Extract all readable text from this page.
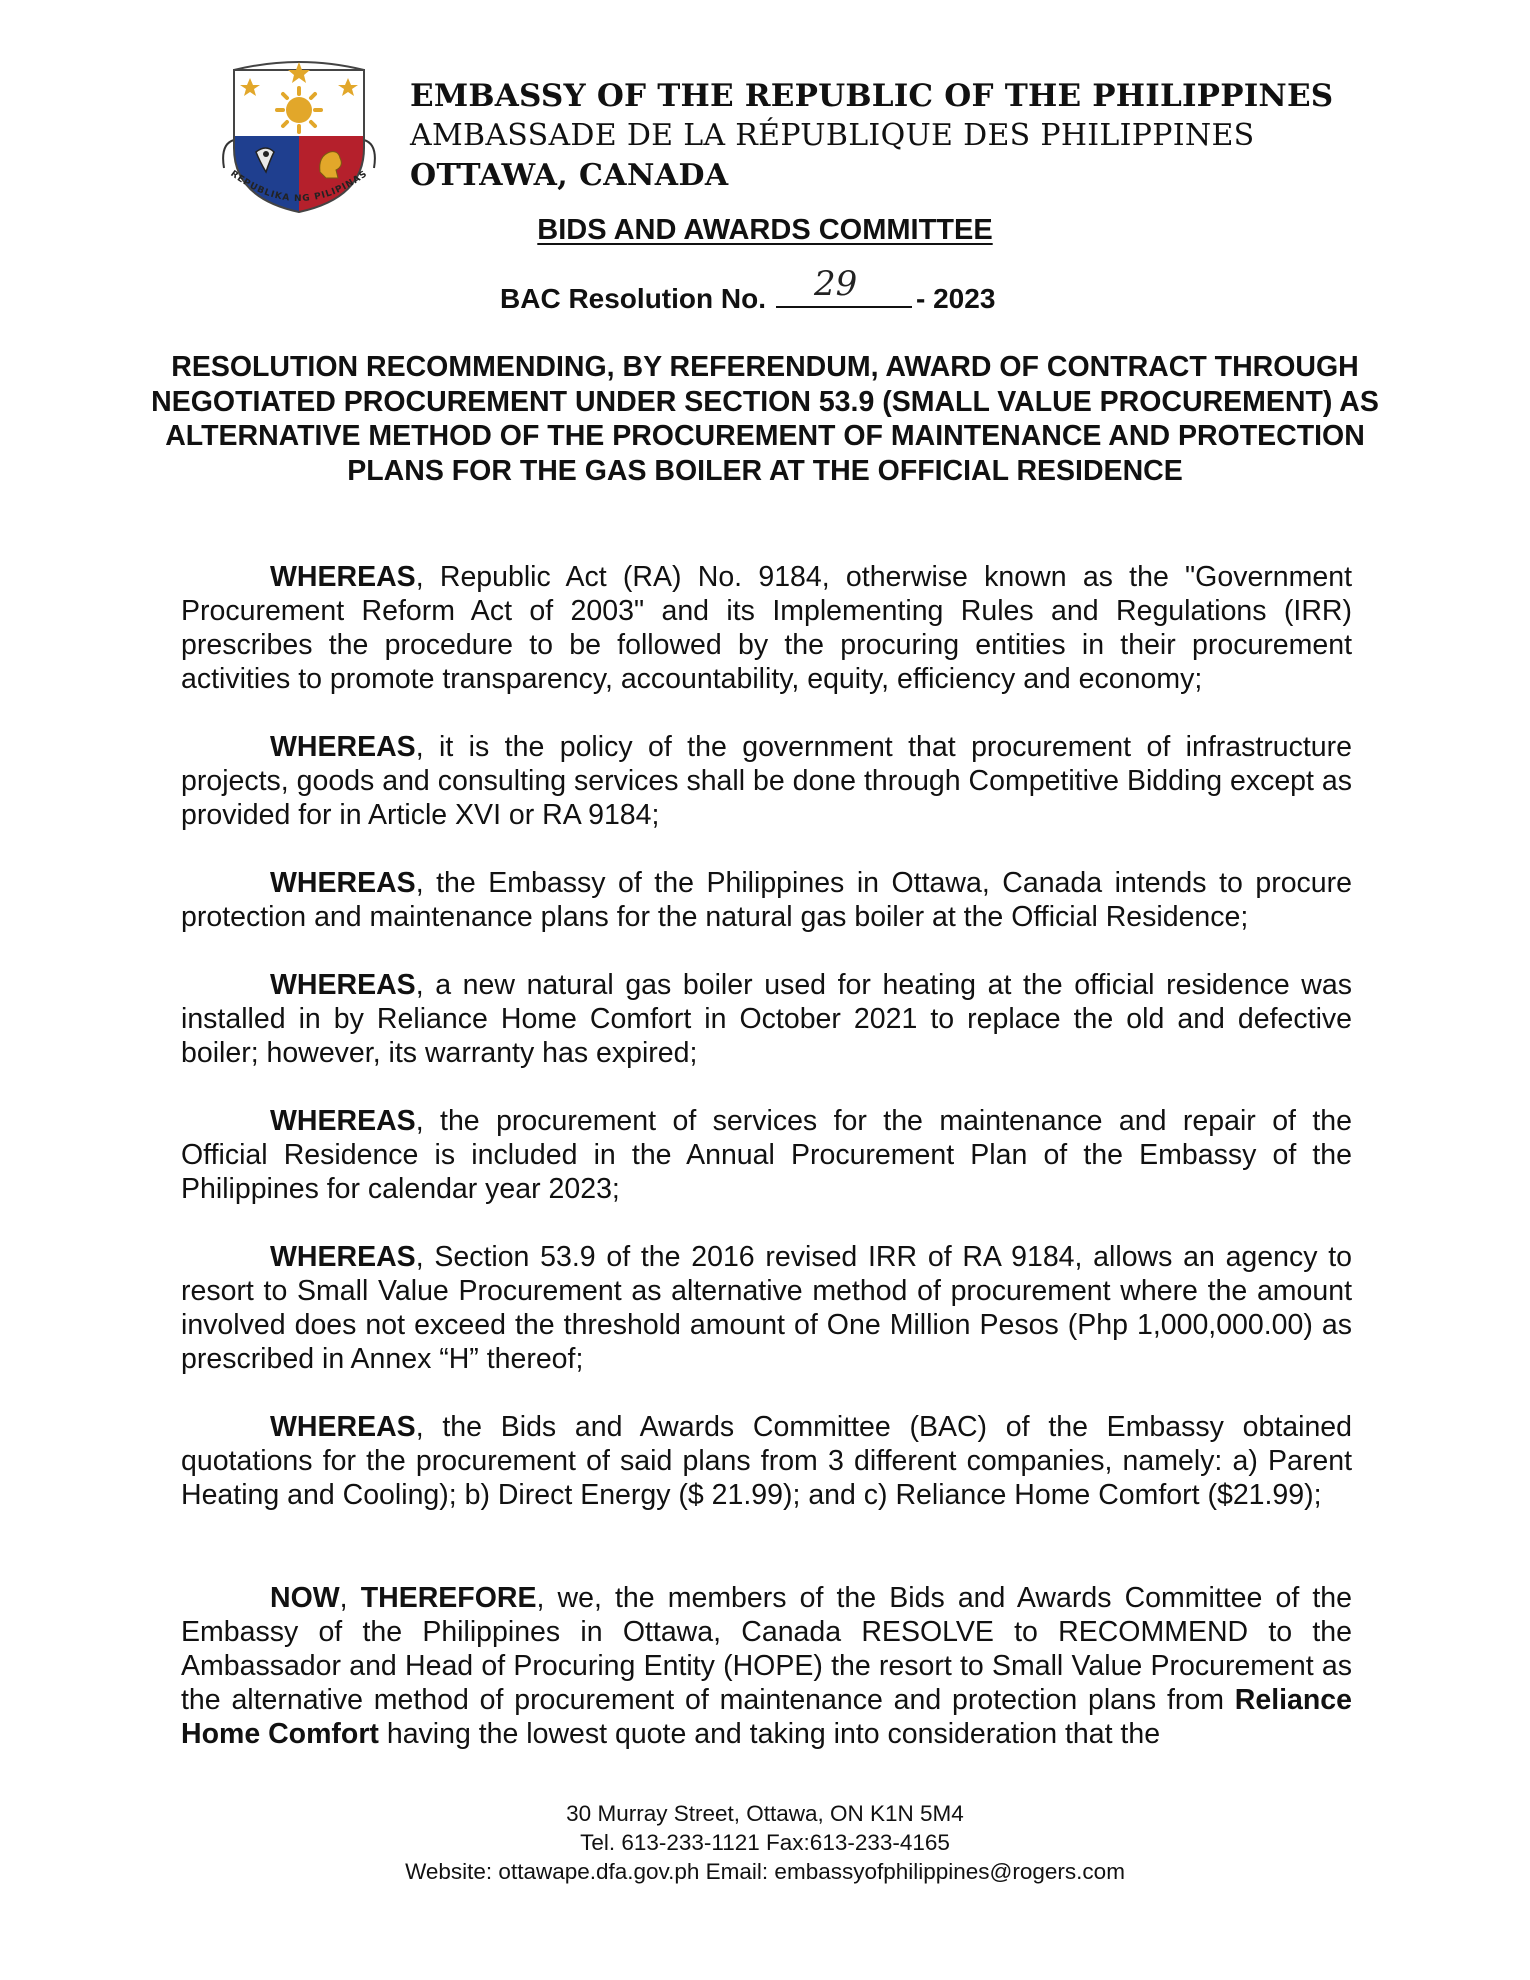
REPUBLIKA NG PILIPINAS
EMBASSY OF THE REPUBLIC OF THE PHILIPPINES
AMBASSADE DE LA RÉPUBLIQUE DES PHILIPPINES
OTTAWA, CANADA
BIDS AND AWARDS COMMITTEE
BAC Resolution No. 29 - 2023
RESOLUTION RECOMMENDING, BY REFERENDUM, AWARD OF CONTRACT THROUGH NEGOTIATED PROCUREMENT UNDER SECTION 53.9 (SMALL VALUE PROCUREMENT) AS ALTERNATIVE METHOD OF THE PROCUREMENT OF MAINTENANCE AND PROTECTION PLANS FOR THE GAS BOILER AT THE OFFICIAL RESIDENCE
WHEREAS, Republic Act (RA) No. 9184, otherwise known as the "Government Procurement Reform Act of 2003" and its Implementing Rules and Regulations (IRR) prescribes the procedure to be followed by the procuring entities in their procurement activities to promote transparency, accountability, equity, efficiency and economy;
WHEREAS, it is the policy of the government that procurement of infrastructure projects, goods and consulting services shall be done through Competitive Bidding except as provided for in Article XVI or RA 9184;
WHEREAS, the Embassy of the Philippines in Ottawa, Canada intends to procure protection and maintenance plans for the natural gas boiler at the Official Residence;
WHEREAS, a new natural gas boiler used for heating at the official residence was installed in by Reliance Home Comfort in October 2021 to replace the old and defective boiler; however, its warranty has expired;
WHEREAS, the procurement of services for the maintenance and repair of the Official Residence is included in the Annual Procurement Plan of the Embassy of the Philippines for calendar year 2023;
WHEREAS, Section 53.9 of the 2016 revised IRR of RA 9184, allows an agency to resort to Small Value Procurement as alternative method of procurement where the amount involved does not exceed the threshold amount of One Million Pesos (Php 1,000,000.00) as prescribed in Annex “H” thereof;
WHEREAS, the Bids and Awards Committee (BAC) of the Embassy obtained quotations for the procurement of said plans from 3 different companies, namely: a) Parent Heating and Cooling); b) Direct Energy ($ 21.99); and c) Reliance Home Comfort ($21.99);
NOW, THEREFORE, we, the members of the Bids and Awards Committee of the Embassy of the Philippines in Ottawa, Canada RESOLVE to RECOMMEND to the Ambassador and Head of Procuring Entity (HOPE) the resort to Small Value Procurement as the alternative method of procurement of maintenance and protection plans from Reliance Home Comfort having the lowest quote and taking into consideration that the
30 Murray Street, Ottawa, ON K1N 5M4
Tel. 613-233-1121 Fax:613-233-4165
Website: ottawape.dfa.gov.ph Email: embassyofphilippines@rogers.com
